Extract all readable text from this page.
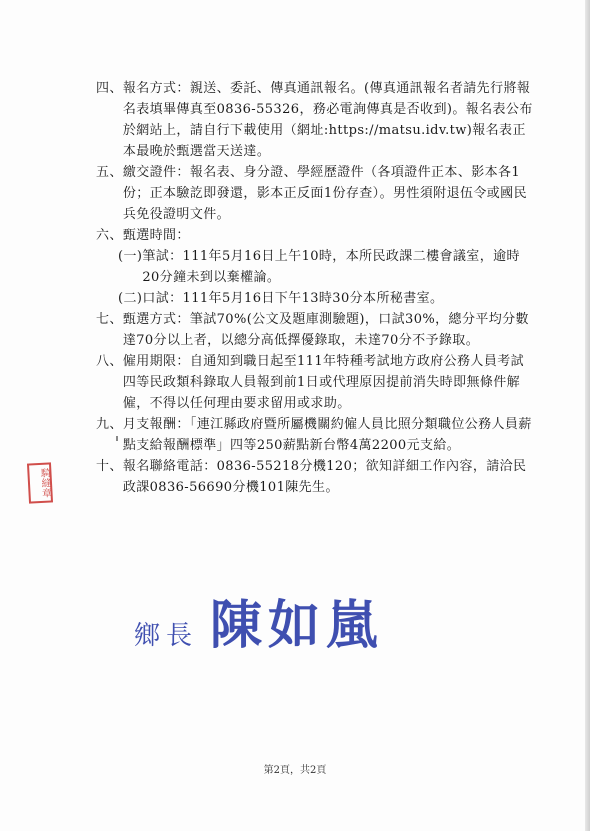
騎縫章
四、 報名方式：親送、委託、傳真通訊報名。(傳真通訊報名者請先行將報名表填畢傳真至0836-55326，務必電詢傳真是否收到)。報名表公布於網站上，請自行下載使用（網址:https://matsu.idv.tw)報名表正本最晚於甄選當天送達。
五、 繳交證件：報名表、身分證、學經歷證件（各項證件正本、影本各1份；正本驗訖即發還，影本正反面1份存查）。男性須附退伍令或國民兵免役證明文件。
六、 甄選時間：
(一) 筆試：111年5月16日上午10時，本所民政課二樓會議室，逾時20分鐘未到以棄權論。
(二) 口試：111年5月16日下午13時30分本所秘書室。
七、 甄選方式：筆試70%(公文及題庫測驗題)，口試30%，總分平均分數達70分以上者，以總分高低擇優錄取，未達70分不予錄取。
八、 僱用期限：自通知到職日起至111年特種考試地方政府公務人員考試四等民政類科錄取人員報到前1日或代理原因提前消失時即無條件解僱，不得以任何理由要求留用或求助。
九、 月支報酬：「連江縣政府暨所屬機關約僱人員比照分類職位公務人員薪點支給報酬標準」四等250薪點新台幣4萬2200元支給。
十、 報名聯絡電話：0836-55218分機120；欲知詳細工作內容，請洽民政課0836-56690分機101陳先生。
鄉長 陳如嵐
第2頁，共2頁
